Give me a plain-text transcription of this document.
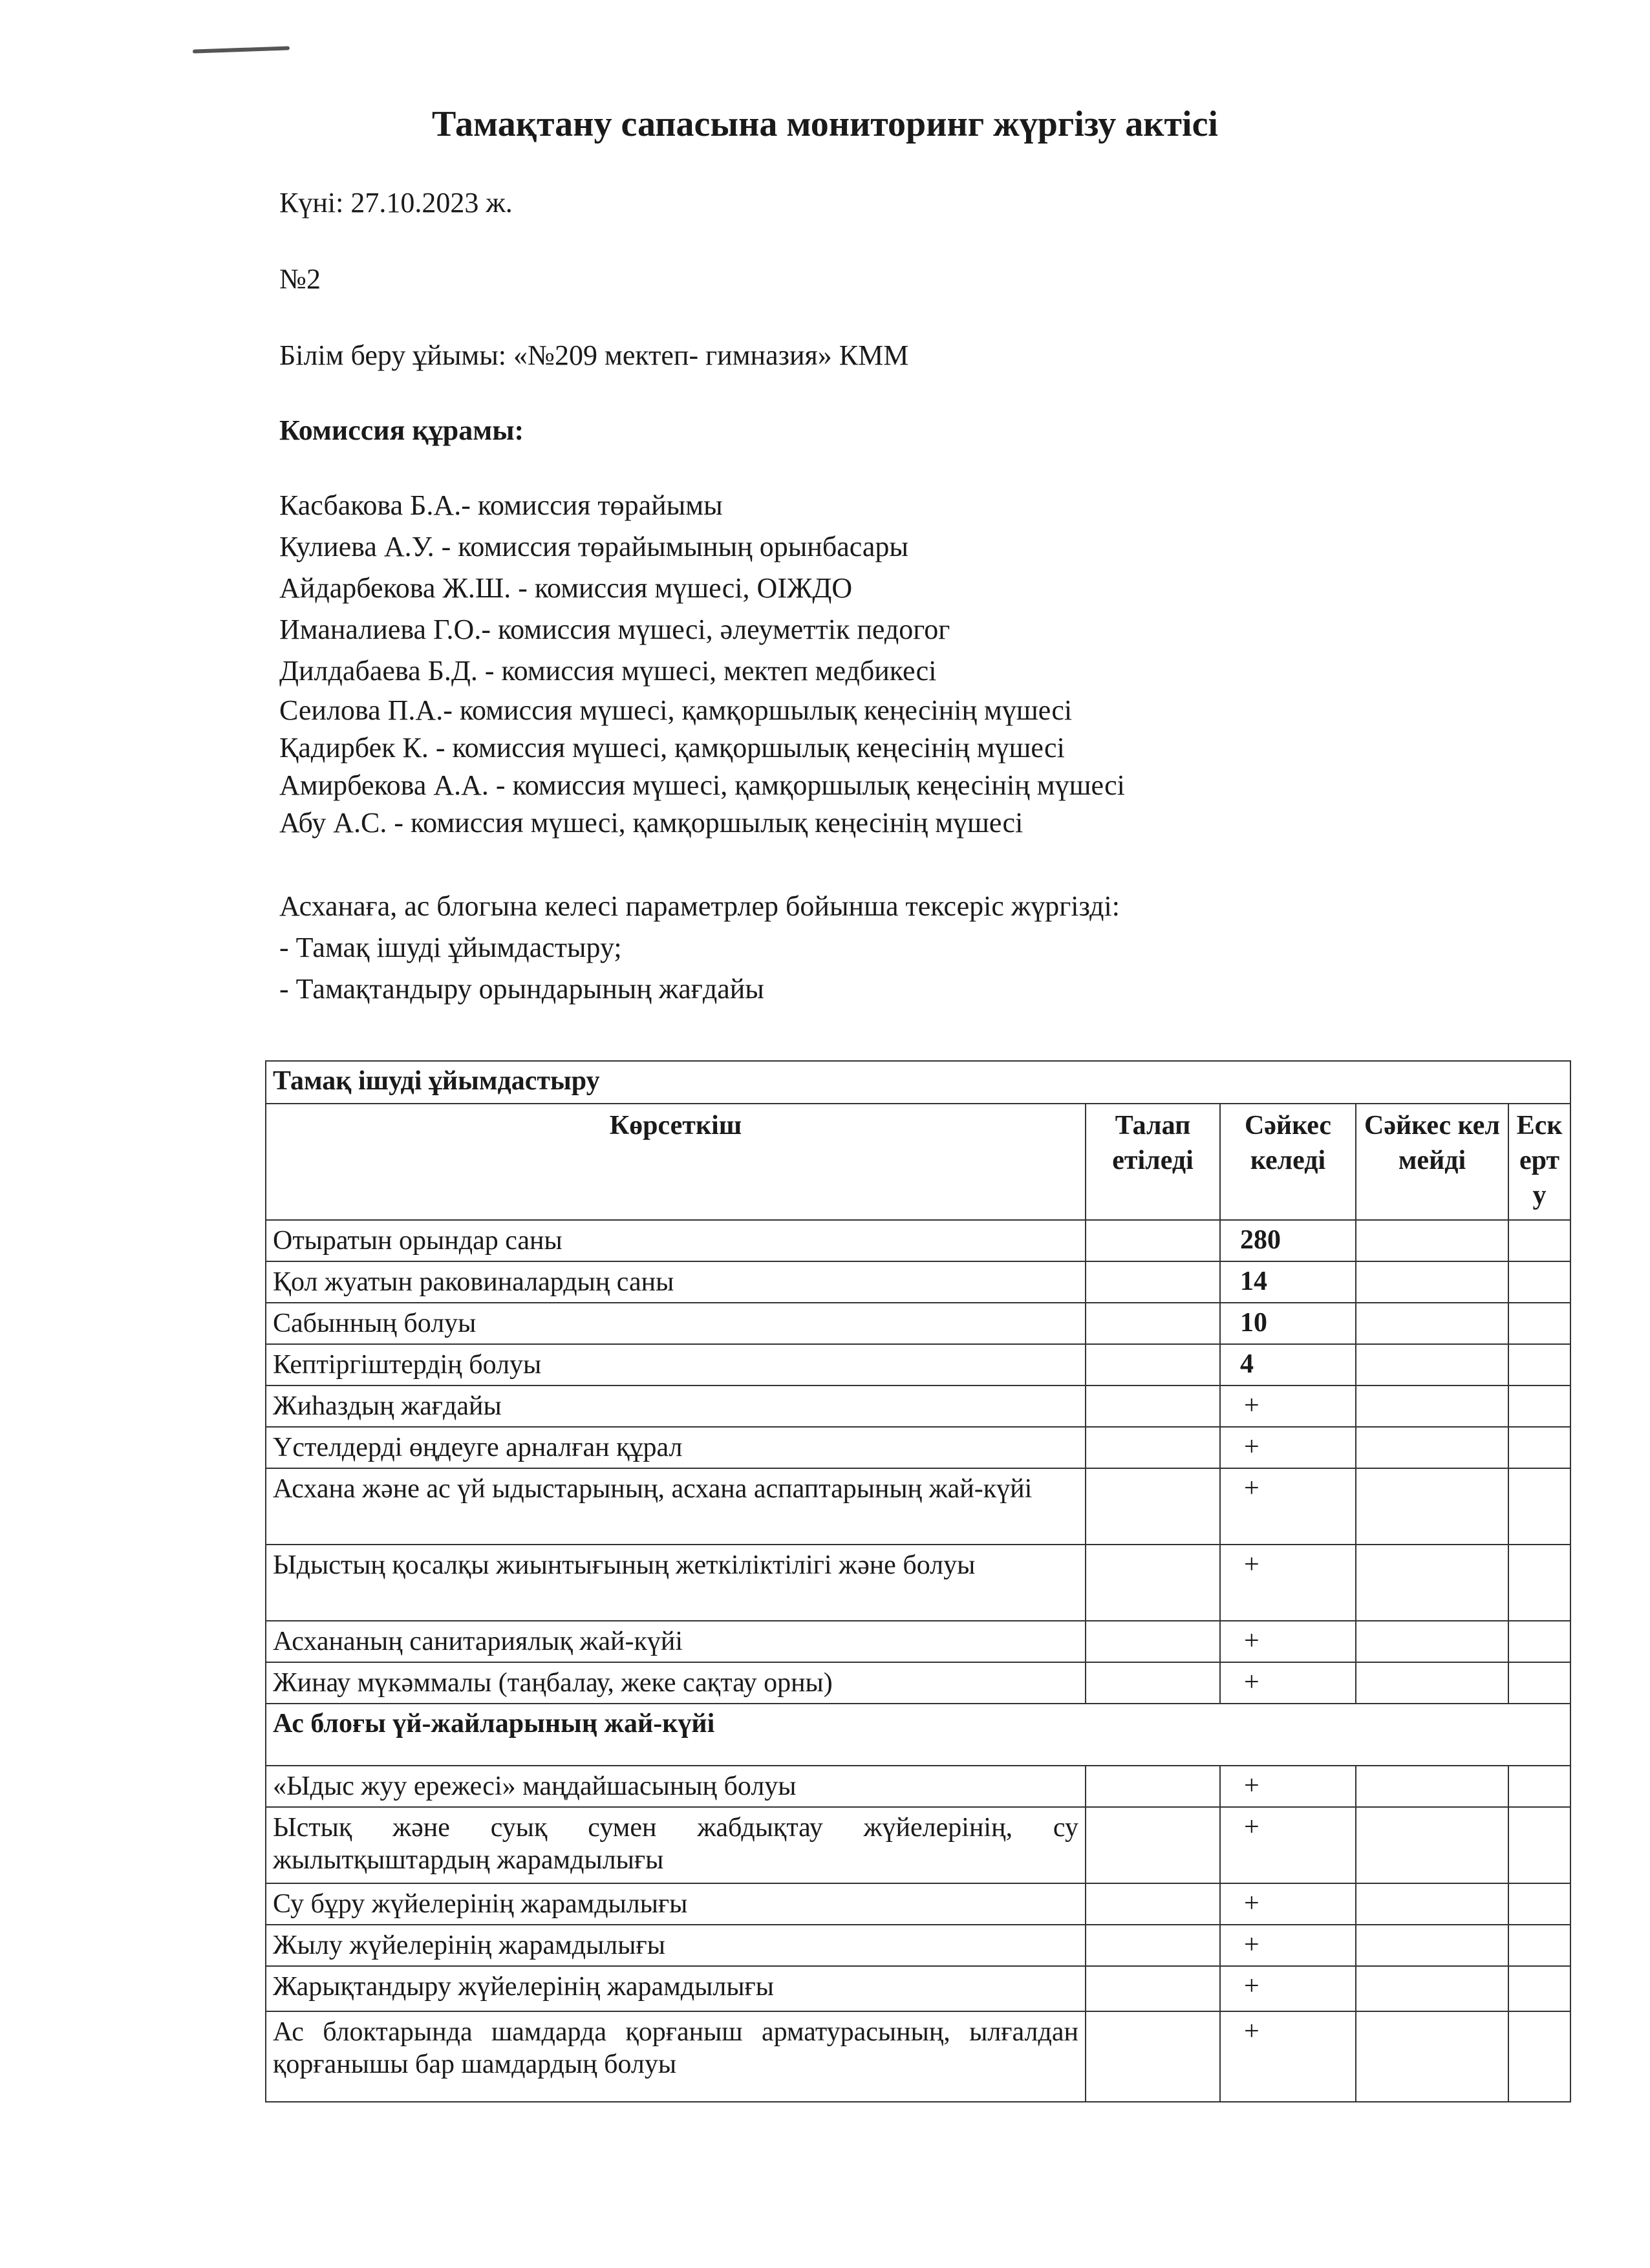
Тамақтану сапасына мониторинг жүргізу актісі
Күні: 27.10.2023 ж.
№2
Білім беру ұйымы: «№209 мектеп- гимназия» КММ
Комиссия құрамы:
Касбакова Б.А.- комиссия төрайымы
Кулиева А.У. - комиссия төрайымының орынбасары
Айдарбекова Ж.Ш. - комиссия мүшесі, ОІЖДО
Иманалиева Г.О.- комиссия мүшесі, әлеуметтік педогог
Дилдабаева Б.Д. - комиссия мүшесі, мектеп медбикесі
Сеилова П.А.- комиссия мүшесі, қамқоршылық кеңесінің мүшесі
Қадирбек К. - комиссия мүшесі, қамқоршылық кеңесінің мүшесі
Амирбекова А.А. - комиссия мүшесі, қамқоршылық кеңесінің мүшесі
Абу А.С. - комиссия мүшесі, қамқоршылық кеңесінің мүшесі
Асханаға, ас блогына келесі параметрлер бойынша тексеріс жүргізді:
- Тамақ ішуді ұйымдастыру;
- Тамақтандыру орындарының жағдайы
Тамақ ішуді ұйымдастыру				
Көрсеткіш	Талап етіледі	Сәйкес келеді	Сәйкес келмейді	Ескерту
Отыратын орындар саны		280		
Қол жуатын раковиналардың саны		14		
Сабынның болуы		10		
Кептіргіштердің болуы		4		
Жиһаздың жағдайы		+		
Үстелдерді өңдеуге арналған құрал		+		
Асхана және ас үй ыдыстарының, асхана аспаптарының жай-күйі		+		
Ыдыстың қосалқы жиынтығының жеткіліктілігі және болуы		+		
Асхананың санитариялық жай-күйі		+		
Жинау мүкәммалы (таңбалау, жеке сақтау орны)		+		
Ас блоғы үй-жайларының жай-күйі				
«Ыдыс жуу ережесі» маңдайшасының болуы		+		
Ыстық және суық сумен жабдықтау жүйелерінің, су жылытқыштардың жарамдылығы		+		
Су бұру жүйелерінің жарамдылығы		+		
Жылу жүйелерінің жарамдылығы		+		
Жарықтандыру жүйелерінің жарамдылығы		+		
Ас блоктарында шамдарда қорғаныш арматурасының, ылғалдан қорғанышы бар шамдардың болуы		+		
